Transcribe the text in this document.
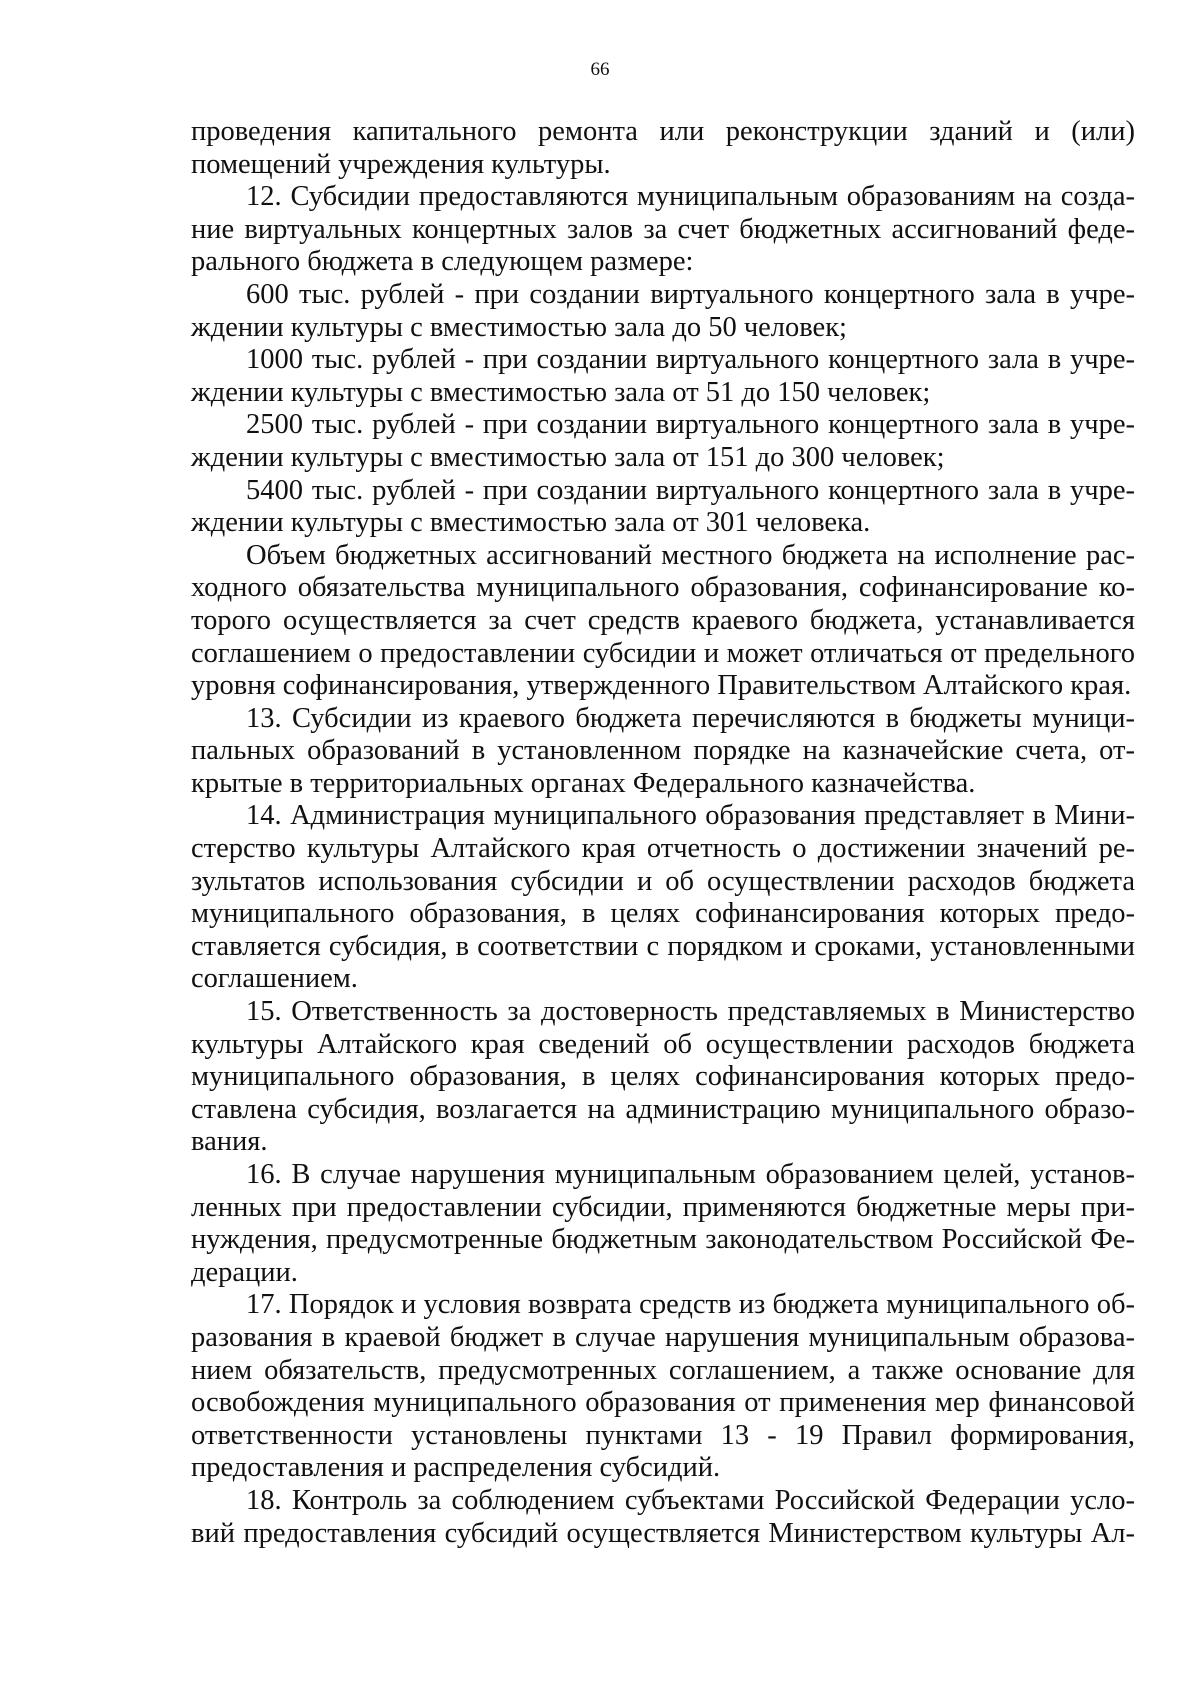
66
проведения капитального ремонта или реконструкции зданий и (или)
помещений учреждения культуры.
12. Субсидии предоставляются муниципальным образованиям на созда-
ние виртуальных концертных залов за счет бюджетных ассигнований феде-
рального бюджета в следующем размере:
600 тыс. рублей - при создании виртуального концертного зала в учре-
ждении культуры с вместимостью зала до 50 человек;
1000 тыс. рублей - при создании виртуального концертного зала в учре-
ждении культуры с вместимостью зала от 51 до 150 человек;
2500 тыс. рублей - при создании виртуального концертного зала в учре-
ждении культуры с вместимостью зала от 151 до 300 человек;
5400 тыс. рублей - при создании виртуального концертного зала в учре-
ждении культуры с вместимостью зала от 301 человека.
Объем бюджетных ассигнований местного бюджета на исполнение рас-
ходного обязательства муниципального образования, софинансирование ко-
торого осуществляется за счет средств краевого бюджета, устанавливается
соглашением о предоставлении субсидии и может отличаться от предельного
уровня софинансирования, утвержденного Правительством Алтайского края.
13. Субсидии из краевого бюджета перечисляются в бюджеты муници-
пальных образований в установленном порядке на казначейские счета, от-
крытые в территориальных органах Федерального казначейства.
14. Администрация муниципального образования представляет в Мини-
стерство культуры Алтайского края отчетность о достижении значений ре-
зультатов использования субсидии и об осуществлении расходов бюджета
муниципального образования, в целях софинансирования которых предо-
ставляется субсидия, в соответствии с порядком и сроками, установленными
соглашением.
15. Ответственность за достоверность представляемых в Министерство
культуры Алтайского края сведений об осуществлении расходов бюджета
муниципального образования, в целях софинансирования которых предо-
ставлена субсидия, возлагается на администрацию муниципального образо-
вания.
16. В случае нарушения муниципальным образованием целей, установ-
ленных при предоставлении субсидии, применяются бюджетные меры при-
нуждения, предусмотренные бюджетным законодательством Российской Фе-
дерации.
17. Порядок и условия возврата средств из бюджета муниципального об-
разования в краевой бюджет в случае нарушения муниципальным образова-
нием обязательств, предусмотренных соглашением, а также основание для
освобождения муниципального образования от применения мер финансовой
ответственности установлены пунктами 13 - 19 Правил формирования,
предоставления и распределения субсидий.
18. Контроль за соблюдением субъектами Российской Федерации усло-
вий предоставления субсидий осуществляется Министерством культуры Ал-
